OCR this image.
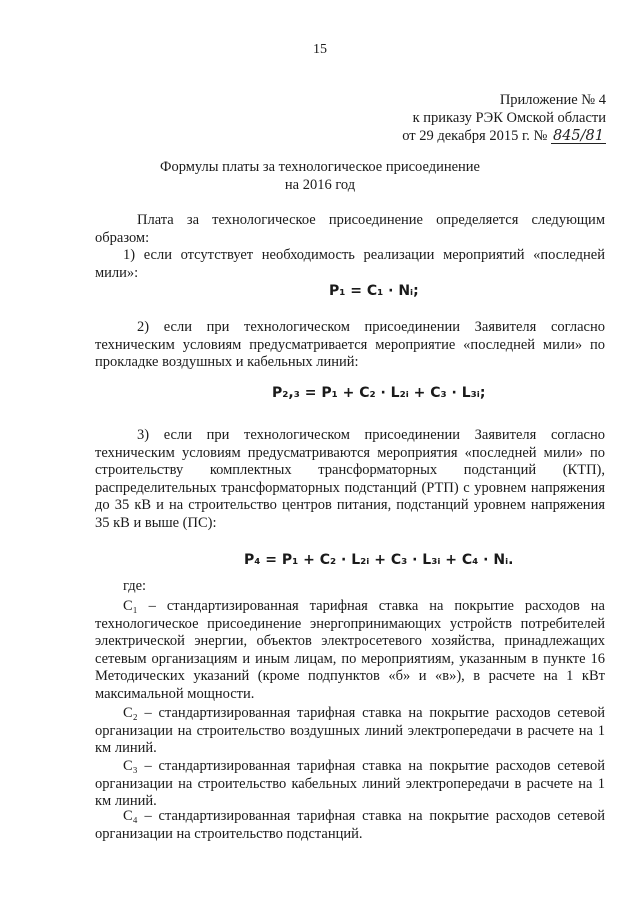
15
Приложение № 4
к приказу РЭК Омской области
от 29 декабря 2015 г. № 845/81
Формулы платы за технологическое присоединение
на 2016 год
Плата за технологическое присоединение определяется следующим образом:
1) если отсутствует необходимость реализации мероприятий «последней мили»:
P₁ = C₁ · Nᵢ;
2) если при технологическом присоединении Заявителя согласно техническим условиям предусматривается мероприятие «последней мили» по прокладке воздушных и кабельных линий:
P₂,₃ = P₁ + C₂ · L₂ᵢ + C₃ · L₃ᵢ;
3) если при технологическом присоединении Заявителя согласно техническим условиям предусматриваются мероприятия «последней мили» по строительству комплектных трансформаторных подстанций (КТП), распределительных трансформаторных подстанций (РТП) с уровнем напряжения до 35 кВ и на строительство центров питания, подстанций уровнем напряжения 35 кВ и выше (ПС):
P₄ = P₁ + C₂ · L₂ᵢ + C₃ · L₃ᵢ + C₄ · Nᵢ.
где:
C₁ – стандартизированная тарифная ставка на покрытие расходов на технологическое присоединение энергопринимающих устройств потребителей электрической энергии, объектов электросетевого хозяйства, принадлежащих сетевым организациям и иным лицам, по мероприятиям, указанным в пункте 16 Методических указаний (кроме подпунктов «б» и «в»), в расчете на 1 кВт максимальной мощности.
C₂ – стандартизированная тарифная ставка на покрытие расходов сетевой организации на строительство воздушных линий электропередачи в расчете на 1 км линий.
C₃ – стандартизированная тарифная ставка на покрытие расходов сетевой организации на строительство кабельных линий электропередачи в расчете на 1 км линий.
C₄ – стандартизированная тарифная ставка на покрытие расходов сетевой организации на строительство подстанций.
